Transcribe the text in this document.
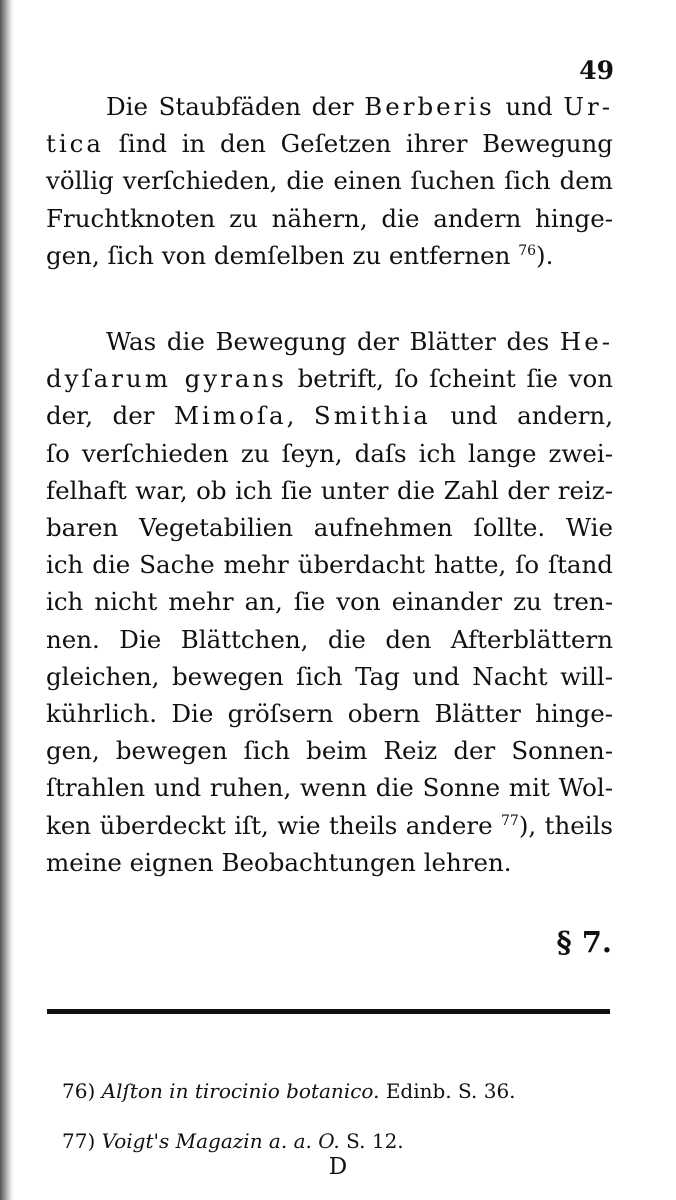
49
Die Staubfäden der Berberis und Ur-
tica ſind in den Geſetzen ihrer Bewegung
völlig verſchieden, die einen ſuchen ſich dem
Fruchtknoten zu nähern, die andern hinge-
gen, ſich von demſelben zu entfernen $^{76}$).
Was die Bewegung der Blätter des He-
dyſarum gyrans betrift, ſo ſcheint ſie von
der, der Mimoſa, Smithia und andern,
ſo verſchieden zu ſeyn, daſs ich lange zwei-
felhaft war, ob ich ſie unter die Zahl der reiz-
baren Vegetabilien aufnehmen ſollte. Wie
ich die Sache mehr überdacht hatte, ſo ſtand
ich nicht mehr an, ſie von einander zu tren-
nen. Die Blättchen, die den Afterblättern
gleichen, bewegen ſich Tag und Nacht will-
kührlich. Die gröſsern obern Blätter hinge-
gen, bewegen ſich beim Reiz der Sonnen-
ſtrahlen und ruhen, wenn die Sonne mit Wol-
ken überdeckt iſt, wie theils andere $^{77}$), theils
meine eignen Beobachtungen lehren.
§ 7.
76) Alſton in tirocinio botanico. Edinb. S. 36.
77) Voigt's Magazin a. a. O. S. 12.
D
